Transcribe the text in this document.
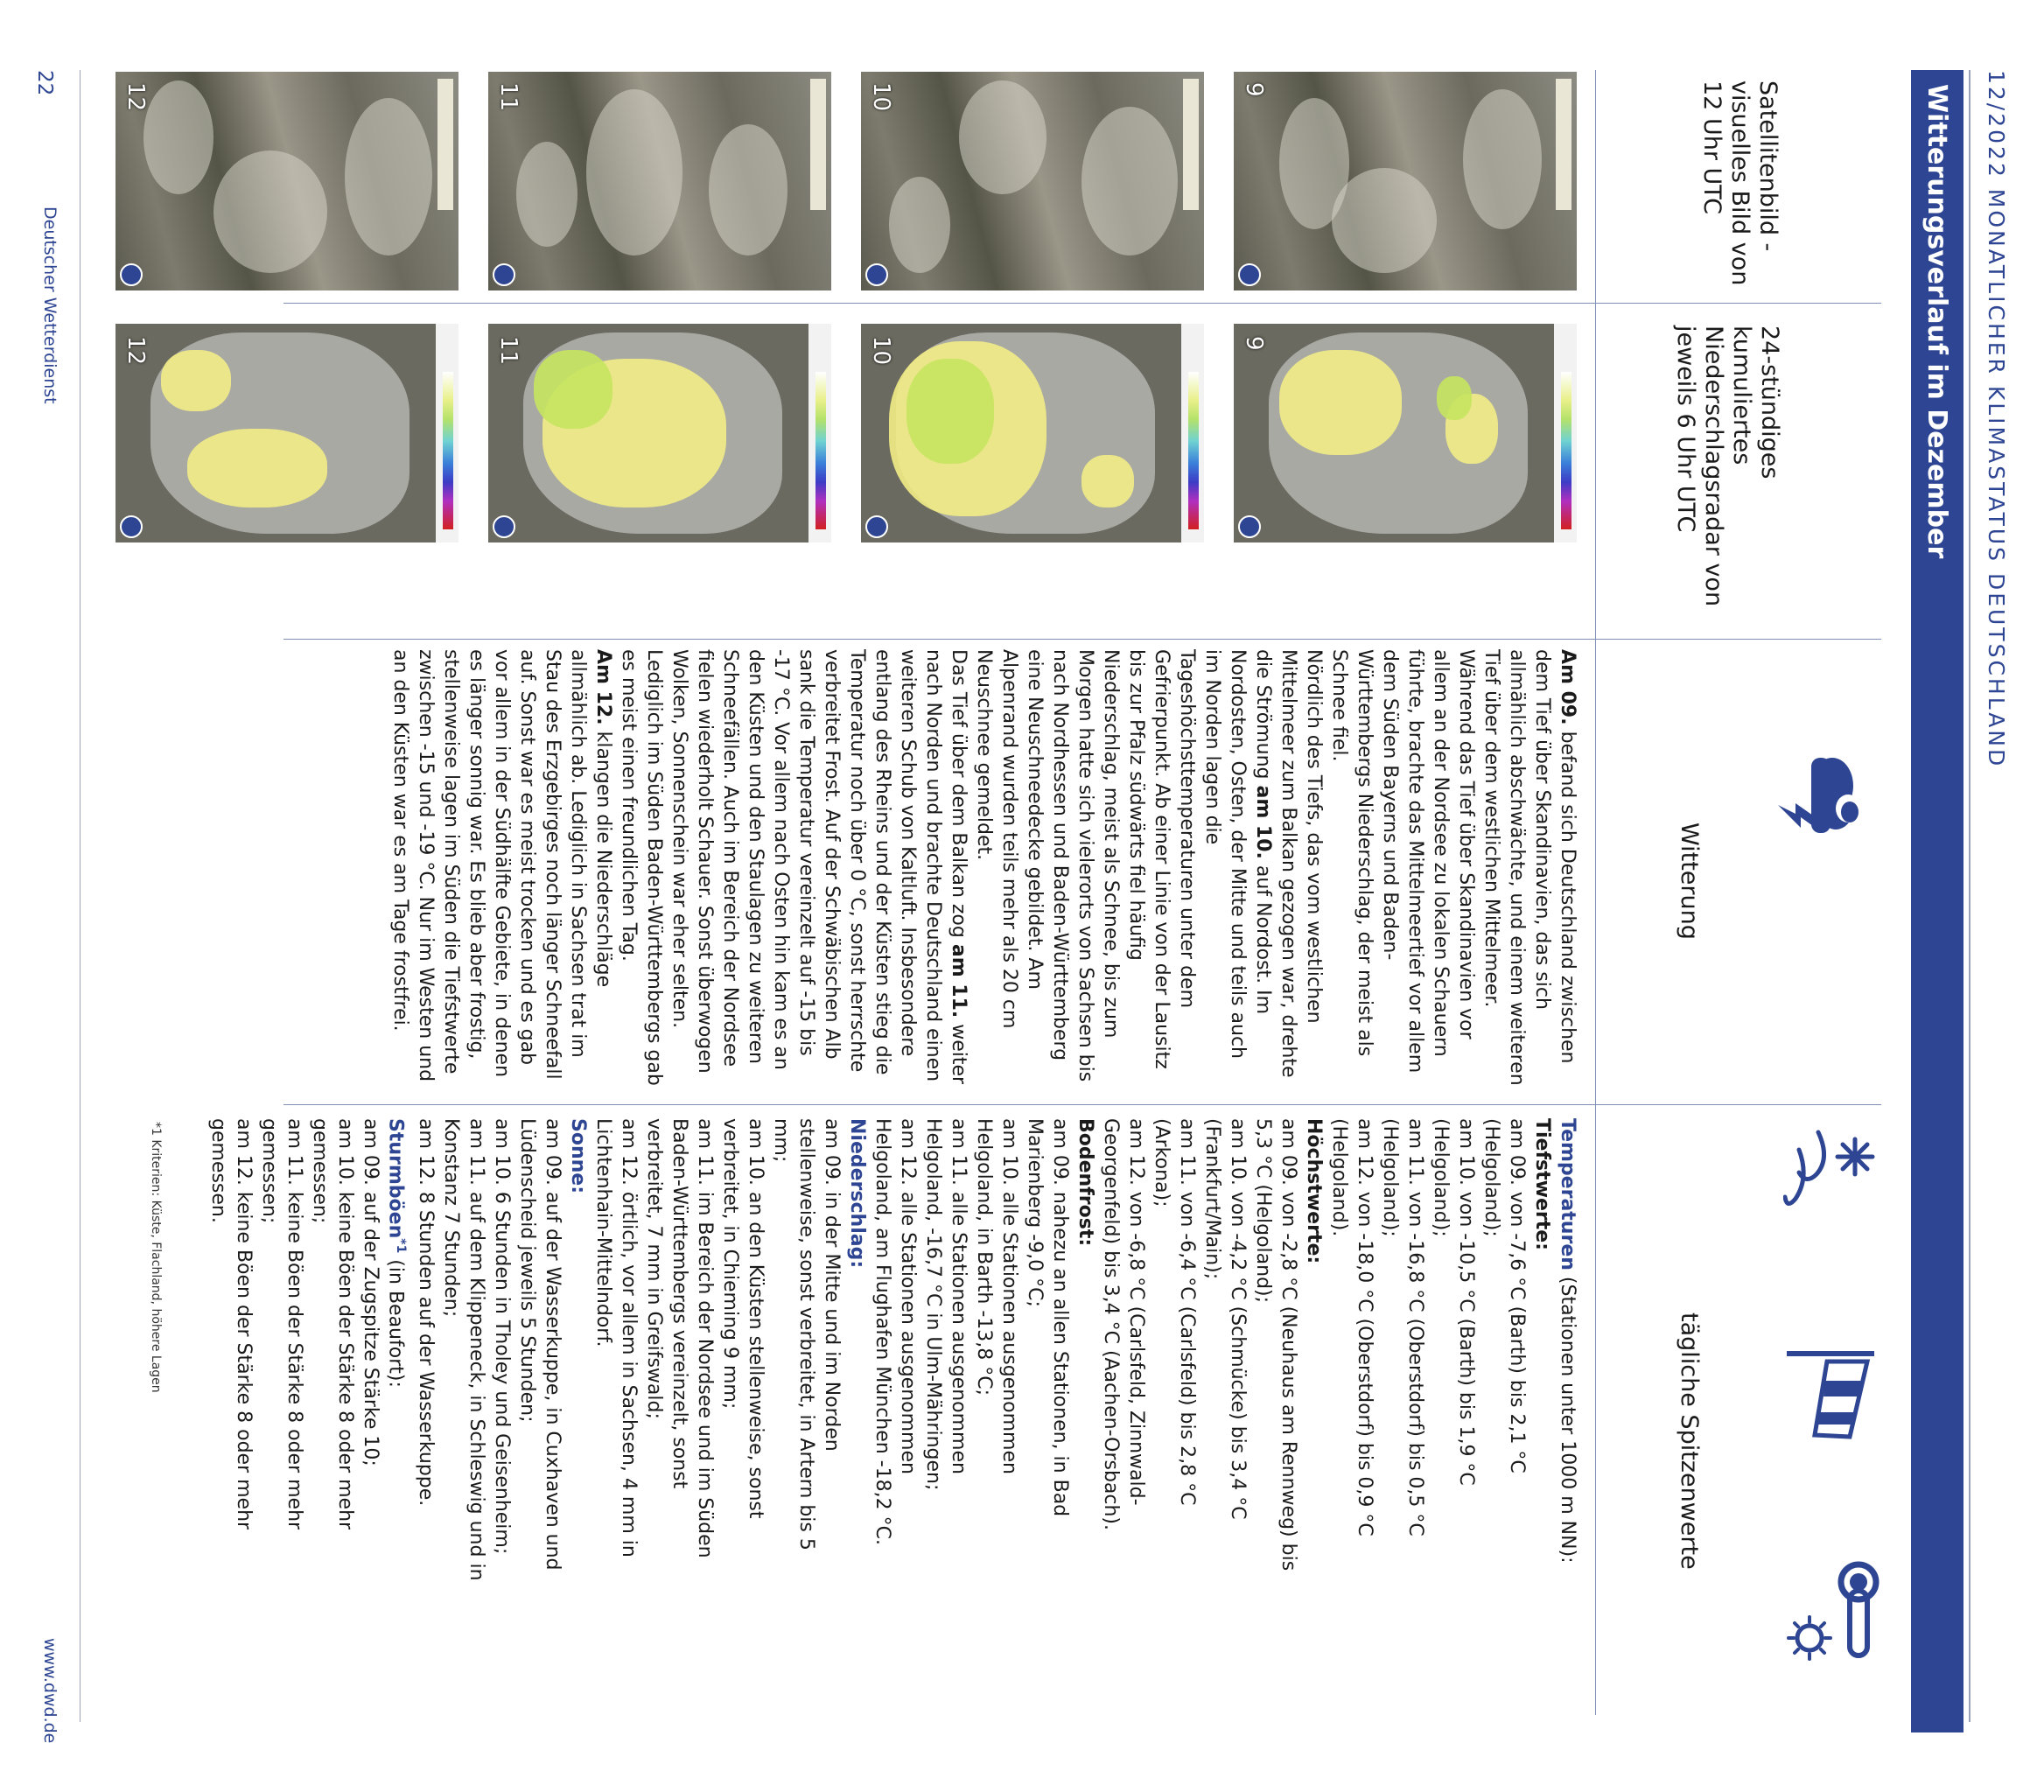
12/2022 MONATLICHER KLIMASTATUS DEUTSCHLAND
Witterungsverlauf im Dezember
Satellitenbild - visuelles Bild von 12 Uhr UTC
24-stündiges kumuliertes Niederschlagsradar von jeweils 6 Uhr UTC
Witterung
tägliche Spitzenwerte
9
10
11
12
9
10
11
12

Am 09. befand sich Deutschland zwischen dem Tief über Skandinavien, das sich allmählich abschwächte, und einem weiteren Tief über dem westlichen Mittelmeer. Während das Tief über Skandinavien vor allem an der Nordsee zu lokalen Schauern führte, brachte das Mittelmeertief vor allem dem Süden Bayerns und Baden-Württembergs Niederschlag, der meist als Schnee fiel.

Nördlich des Tiefs, das vom westlichen Mittelmeer zum Balkan gezogen war, drehte die Strömung am 10. auf Nordost. Im Nordosten, Osten, der Mitte und teils auch im Norden lagen die Tageshöchsttemperaturen unter dem Gefrierpunkt. Ab einer Linie von der Lausitz bis zur Pfalz südwärts fiel häufig Niederschlag, meist als Schnee, bis zum Morgen hatte sich vielerorts von Sachsen bis nach Nordhessen und Baden-Württemberg eine Neuschneedecke gebildet. Am Alpenrand wurden teils mehr als 20 cm Neuschnee gemeldet.

Das Tief über dem Balkan zog am 11. weiter nach Norden und brachte Deutschland einen weiteren Schub von Kaltluft. Insbesondere entlang des Rheins und der Küsten stieg die Temperatur noch über 0 °C, sonst herrschte verbreitet Frost. Auf der Schwäbischen Alb sank die Temperatur vereinzelt auf -15 bis -17 °C. Vor allem nach Osten hin kam es an den Küsten und den Staulagen zu weiteren Schneefällen. Auch im Bereich der Nordsee fielen wiederholt Schauer. Sonst überwogen Wolken, Sonnenschein war eher selten. Lediglich im Süden Baden-Württembergs gab es meist einen freundlichen Tag.

Am 12. klangen die Niederschläge allmählich ab. Lediglich in Sachsen trat im Stau des Erzgebirges noch länger Schneefall auf. Sonst war es meist trocken und es gab vor allem in der Südhälfte Gebiete, in denen es länger sonnig war. Es blieb aber frostig, stellenweise lagen im Süden die Tiefstwerte zwischen -15 und -19 °C. Nur im Westen und an den Küsten war es am Tage frostfrei.

Temperaturen (Stationen unter 1000 m NN):

Tiefstwerte:

am 09. von -7,6 °C (Barth) bis 2,1 °C (Helgoland);

am 10. von -10,5 °C (Barth) bis 1,9 °C (Helgoland);

am 11. von -16,8 °C (Oberstdorf) bis 0,5 °C (Helgoland);

am 12. von -18,0 °C (Oberstdorf) bis 0,9 °C (Helgoland).

Höchstwerte:

am 09. von -2,8 °C (Neuhaus am Rennweg) bis 5,3 °C (Helgoland);

am 10. von -4,2 °C (Schmücke) bis 3,4 °C (Frankfurt/Main);

am 11. von -6,4 °C (Carlsfeld) bis 2,8 °C (Arkona);

am 12. von -6,8 °C (Carlsfeld, Zinnwald-Georgenfeld) bis 3,4 °C (Aachen-Orsbach).

Bodenfrost:

am 09. nahezu an allen Stationen, in Bad Marienberg -9,0 °C;

am 10. alle Stationen ausgenommen Helgoland, in Barth -13,8 °C;

am 11. alle Stationen ausgenommen Helgoland, -16,7 °C in Ulm-Mähringen;

am 12. alle Stationen ausgenommen Helgoland, am Flughafen München -18,2 °C.

Niederschlag:

am 09. in der Mitte und im Norden stellenweise, sonst verbreitet, in Artern bis 5 mm;

am 10. an den Küsten stellenweise, sonst verbreitet, in Chieming 9 mm;

am 11. im Bereich der Nordsee und im Süden Baden-Württembergs vereinzelt, sonst verbreitet, 7 mm in Greifswald;

am 12. örtlich, vor allem in Sachsen, 4 mm in Lichtenhain-Mittelndorf.

Sonne:

am 09. auf der Wasserkuppe, in Cuxhaven und Lüdenscheid jeweils 5 Stunden;

am 10. 6 Stunden in Tholey und Geisenheim;

am 11. auf dem Klippeneck, in Schleswig und in Konstanz 7 Stunden;

am 12. 8 Stunden auf der Wasserkuppe.

Sturmböen$^{*1}$ (in Beaufort):

am 09. auf der Zugspitze Stärke 10;

am 10. keine Böen der Stärke 8 oder mehr gemessen;

am 11. keine Böen der Stärke 8 oder mehr gemessen;

am 12. keine Böen der Stärke 8 oder mehr gemessen.

*1 Kriterien: Küste, Flachland, höhere Lagen
22
Deutscher Wetterdienst
www.dwd.de
